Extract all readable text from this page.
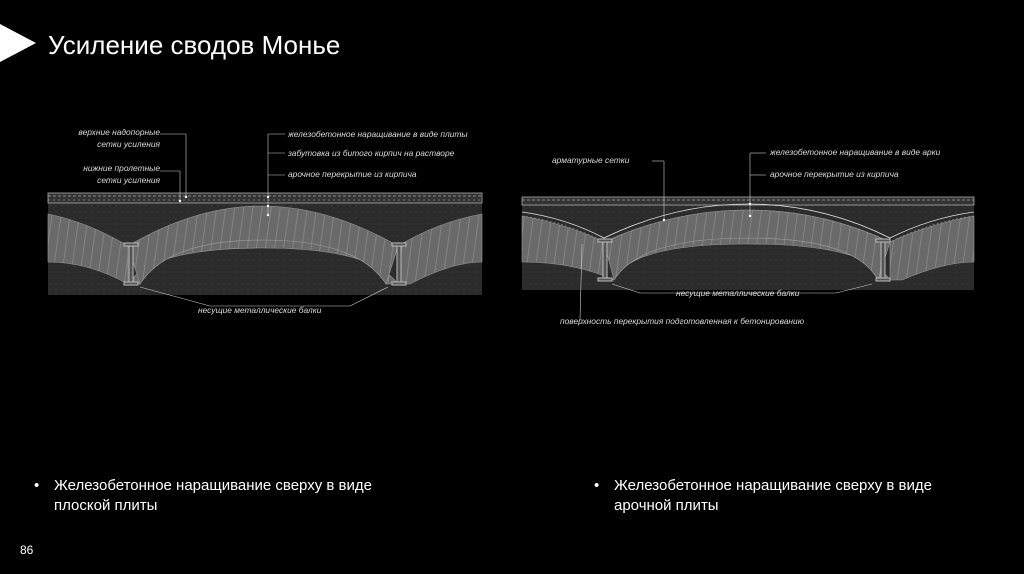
Усиление сводов Монье
верхние надопорные
сетки усиления
нижние пролетные
сетки усиления
железобетонное наращивание в виде плиты
забутовка из битого кирпич на растворе
арочное перекрытие из кирпича
несущие металлические балки
арматурные сетки
железобетонное наращивание в виде арки
арочное перекрытие из кирпича
несущие металлические балки
поверхность перекрытия подготовленная к бетонированию
• Железобетонное наращивание сверху в виде
плоской плиты
• Железобетонное наращивание сверху в виде
арочной плиты
86
